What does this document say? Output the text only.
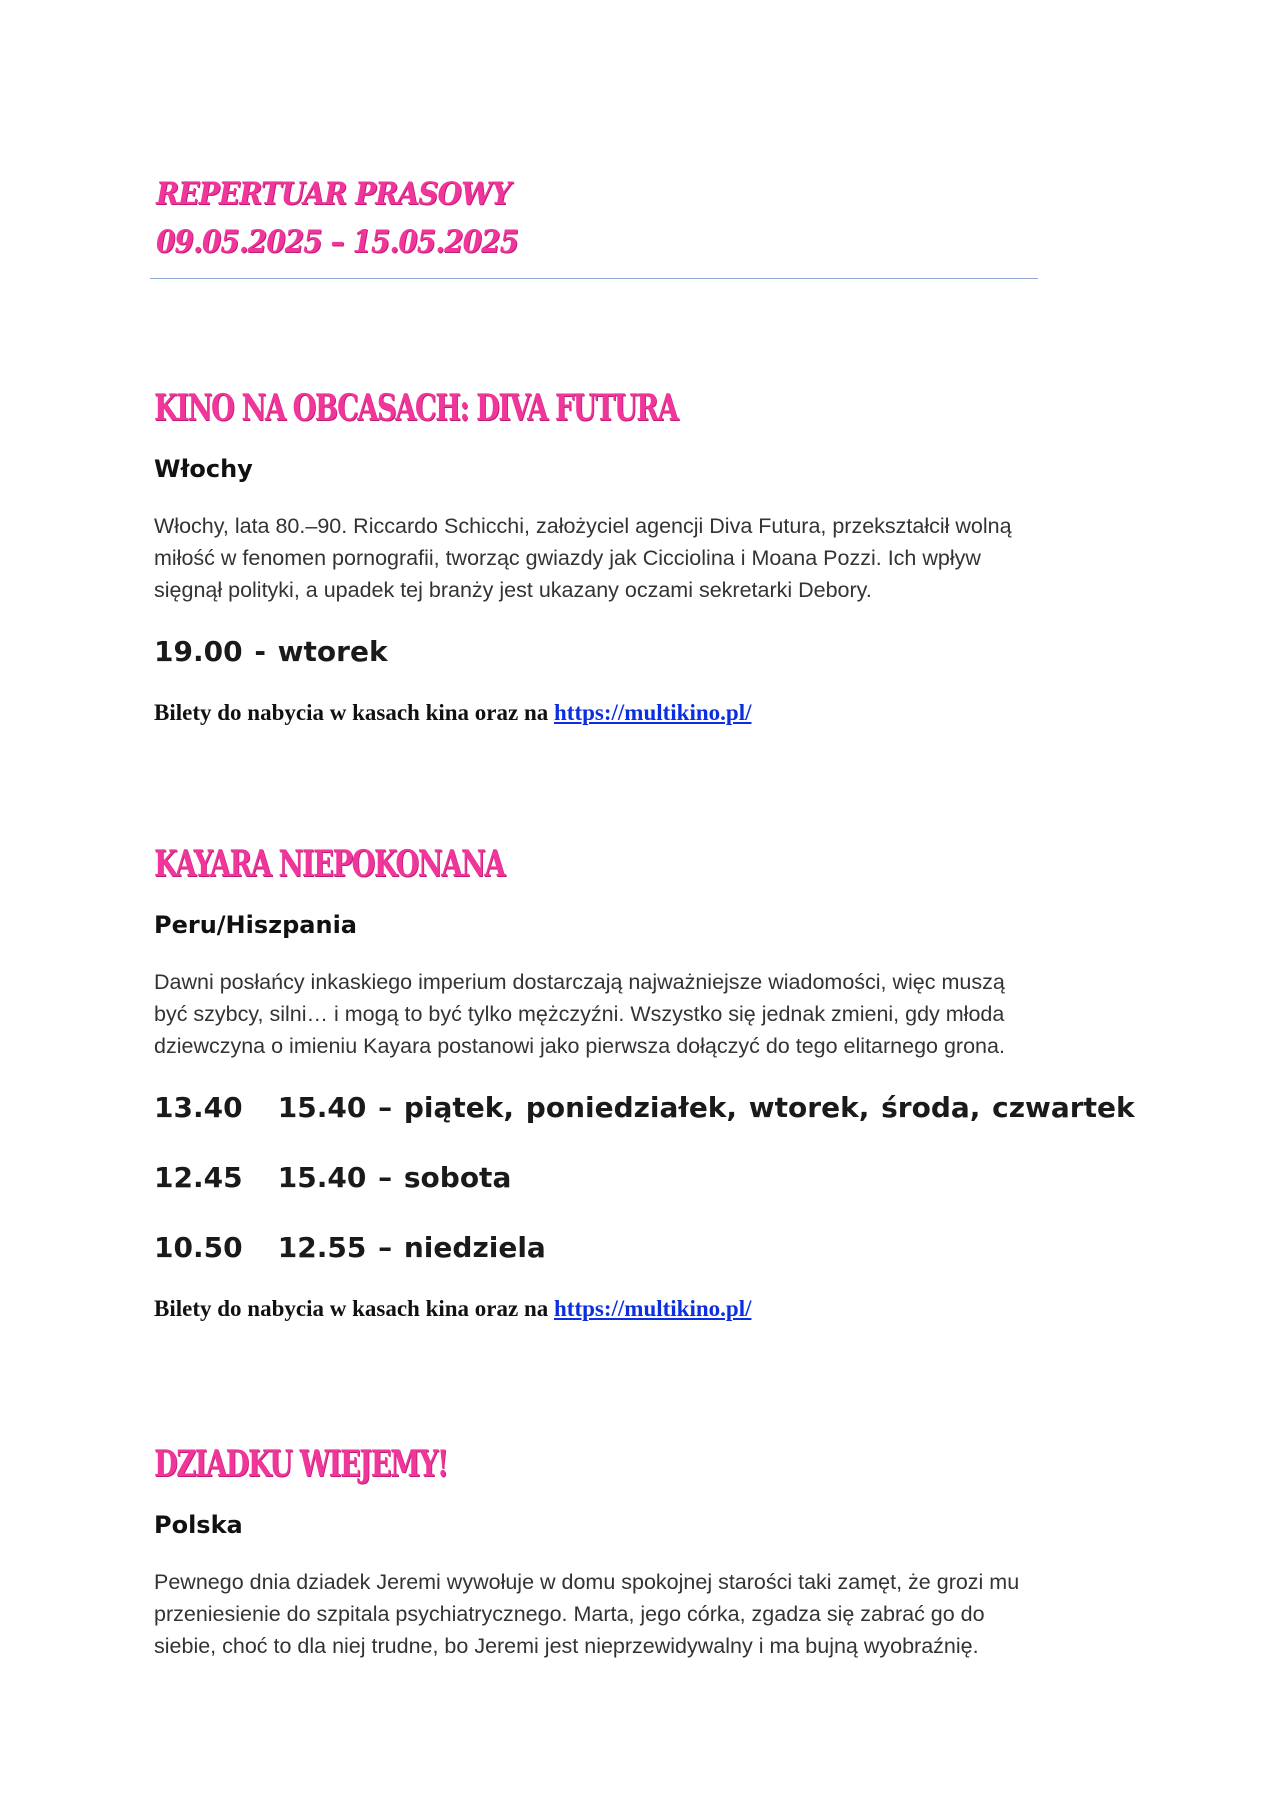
REPERTUAR PRASOWY
09.05.2025 – 15.05.2025
KINO NA OBCASACH: DIVA FUTURA
Włochy
Włochy, lata 80.–90. Riccardo Schicchi, założyciel agencji Diva Futura, przekształcił wolną
miłość w fenomen pornografii, tworząc gwiazdy jak Cicciolina i Moana Pozzi. Ich wpływ
sięgnął polityki, a upadek tej branży jest ukazany oczami sekretarki Debory.
19.00 - wtorek
Bilety do nabycia w kasach kina oraz na https://multikino.pl/
KAYARA NIEPOKONANA
Peru/Hiszpania
Dawni posłańcy inkaskiego imperium dostarczają najważniejsze wiadomości, więc muszą
być szybcy, silni… i mogą to być tylko mężczyźni. Wszystko się jednak zmieni, gdy młoda
dziewczyna o imieniu Kayara postanowi jako pierwsza dołączyć do tego elitarnego grona.
13.40   15.40 – piątek, poniedziałek, wtorek, środa, czwartek
12.45   15.40 – sobota
10.50   12.55 – niedziela
Bilety do nabycia w kasach kina oraz na https://multikino.pl/
DZIADKU WIEJEMY!
Polska
Pewnego dnia dziadek Jeremi wywołuje w domu spokojnej starości taki zamęt, że grozi mu
przeniesienie do szpitala psychiatrycznego. Marta, jego córka, zgadza się zabrać go do
siebie, choć to dla niej trudne, bo Jeremi jest nieprzewidywalny i ma bujną wyobraźnię.
